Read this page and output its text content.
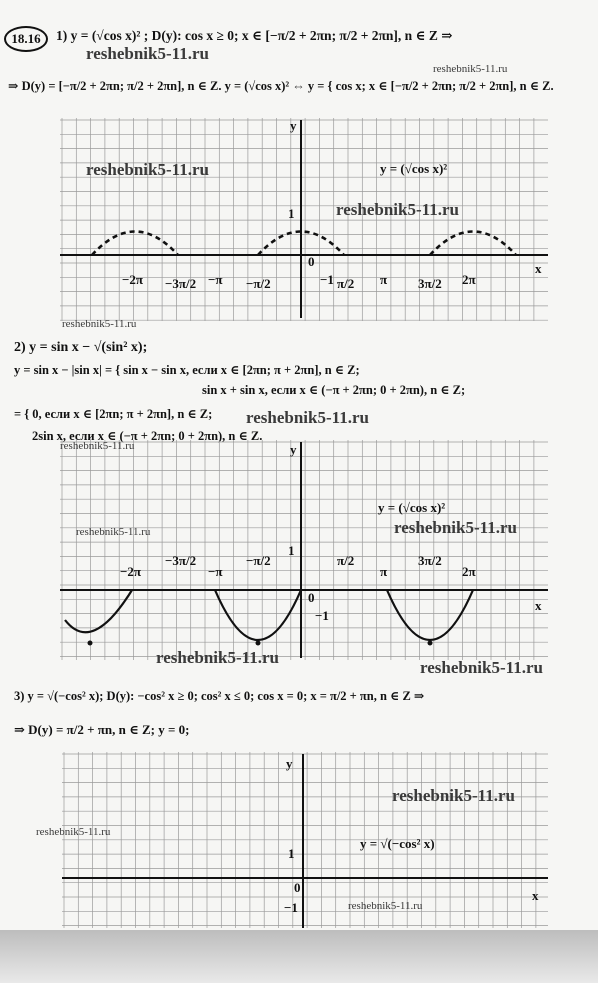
18.16	1) y = (√cos x)² ; D(y): cos x ≥ 0; x ∈ [−π/2 + 2πn; π/2 + 2πn], n ∈ Z ⇒
⇒ D(y) = [−π/2 + 2πn; π/2 + 2πn], n ∈ Z. y = (√cos x)² ⇔ y = { cos x; x ∈ [−π/2 + 2πn; π/2 + 2πn], n ∈ Z.
y
x
0
1
−1
y = (√cos x)²
−2π −3π/2 −π −π/2	π/2 π 3π/2 2π
2) y = sin x − √(sin² x);
y = sin x − |sin x| = { sin x − sin x, если x ∈ [2πn; π + 2πn], n ∈ Z;
sin x + sin x, если x ∈ (−π + 2πn; 0 + 2πn), n ∈ Z;
= { 0, если x ∈ [2πn; π + 2πn], n ∈ Z;
2sin x, если x ∈ (−π + 2πn; 0 + 2πn), n ∈ Z.
y
x
0
1
−1
y = (√cos x)²
−2π
−3π/2
−π
−π/2	π/2
π
3π/2
2π
3) y = √(−cos² x); D(y): −cos² x ≥ 0; cos² x ≤ 0; cos x = 0; x = π/2 + πn, n ∈ Z ⇒
⇒ D(y) = π/2 + πn, n ∈ Z; y = 0;
y
x
0
1
−1
y = √(−cos² x)
reshebnik5-11.ru
reshebnik5-11.ru
reshebnik5-11.ru
reshebnik5-11.ru
reshebnik5-11.ru
reshebnik5-11.ru
reshebnik5-11.ru
reshebnik5-11.ru	reshebnik5-11.ru
reshebnik5-11.ru
reshebnik5-11.ru
reshebnik5-11.ru
reshebnik5-11.ru
reshebnik5-11.ru
